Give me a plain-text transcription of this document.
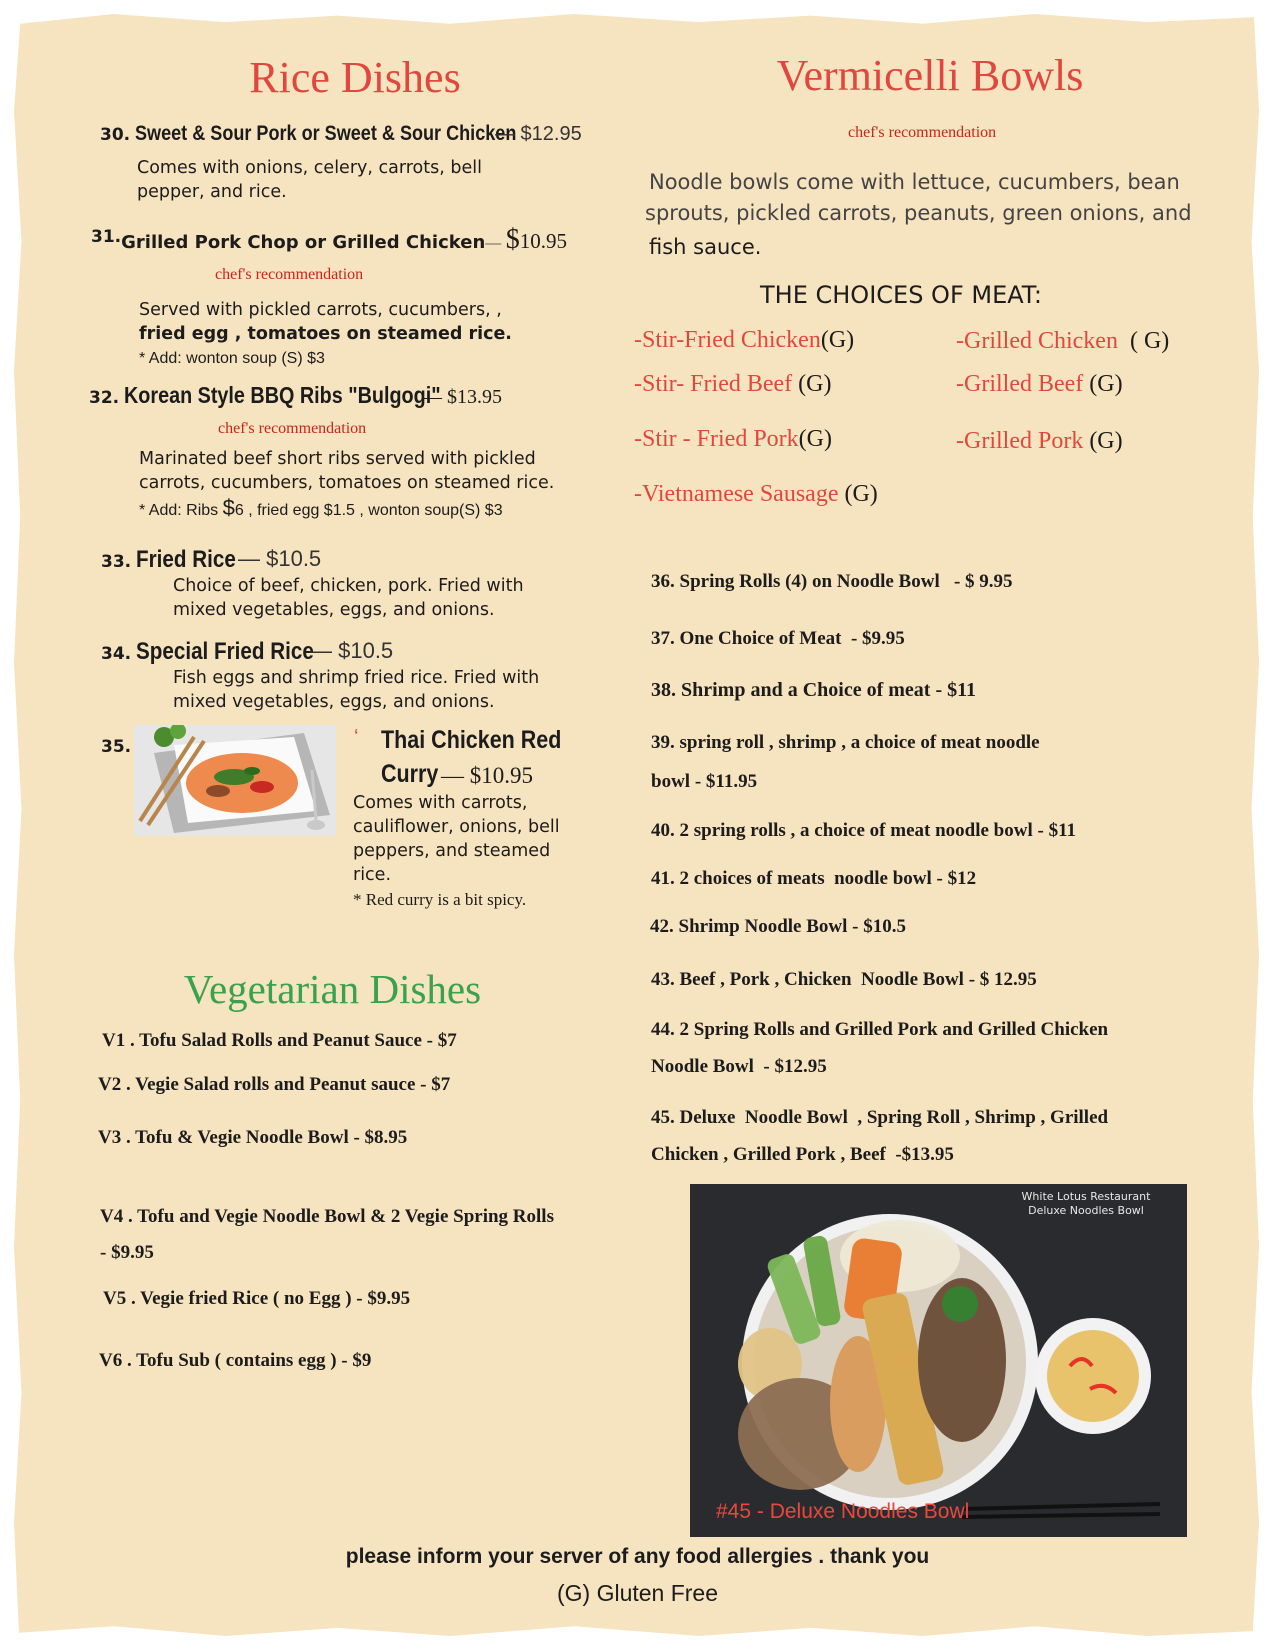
Rice Dishes
30. Sweet & Sour Pork or Sweet & Sour Chicken
— $12.95
Comes with onions, celery, carrots, bell
pepper, and rice.
31.Grilled Pork Chop or Grilled Chicken— $10.95
chef's recommendation
Served with pickled carrots, cucumbers, ,
fried egg , tomatoes on steamed rice.
* Add: wonton soup (S) $3
32. Korean Style BBQ Ribs "Bulgogi"
— $13.95
chef's recommendation
Marinated beef short ribs served with pickled
carrots, cucumbers, tomatoes on steamed rice.
* Add: Ribs $6 , fried egg $1.5 , wonton soup(S) $3
33. Fried Rice — $10.5
Choice of beef, chicken, pork. Fried with
mixed vegetables, eggs, and onions.
34. Special Fried Rice
— $10.5
Fish eggs and shrimp fried rice. Fried with
mixed vegetables, eggs, and onions.
35.	‘ Thai Chicken Red
Curry — $10.95
Comes with carrots,
cauliflower, onions, bell
peppers, and steamed
rice.
* Red curry is a bit spicy.
Vegetarian Dishes
V1 . Tofu Salad Rolls and Peanut Sauce - $7
V2 . Vegie Salad rolls and Peanut sauce - $7
V3 . Tofu & Vegie Noodle Bowl - $8.95
V4 . Tofu and Vegie Noodle Bowl & 2 Vegie Spring Rolls
- $9.95
V5 . Vegie fried Rice ( no Egg ) - $9.95
V6 . Tofu Sub ( contains egg ) - $9
Vermicelli Bowls
chef's recommendation
Noodle bowls come with lettuce, cucumbers, bean
sprouts, pickled carrots, peanuts, green onions, and
fish sauce.
THE CHOICES OF MEAT:
-Stir-Fried Chicken(G)	-Grilled Chicken  ( G)
-Stir- Fried Beef (G)	-Grilled Beef (G)
-Stir - Fried Pork(G)	-Grilled Pork (G)
-Vietnamese Sausage (G)
36. Spring Rolls (4) on Noodle Bowl   - $ 9.95
37. One Choice of Meat  - $9.95
38. Shrimp and a Choice of meat - $11
39. spring roll , shrimp , a choice of meat noodle
bowl - $11.95
40. 2 spring rolls , a choice of meat noodle bowl - $11
41. 2 choices of meats  noodle bowl - $12
42. Shrimp Noodle Bowl - $10.5
43. Beef , Pork , Chicken  Noodle Bowl - $ 12.95
44. 2 Spring Rolls and Grilled Pork and Grilled Chicken
Noodle Bowl  - $12.95
45. Deluxe  Noodle Bowl  , Spring Roll , Shrimp , Grilled
Chicken , Grilled Pork , Beef  -$13.95
White Lotus Restaurant
Deluxe Noodles Bowl
#45 - Deluxe Noodles Bowl
please inform your server of any food allergies . thank you
(G) Gluten Free
